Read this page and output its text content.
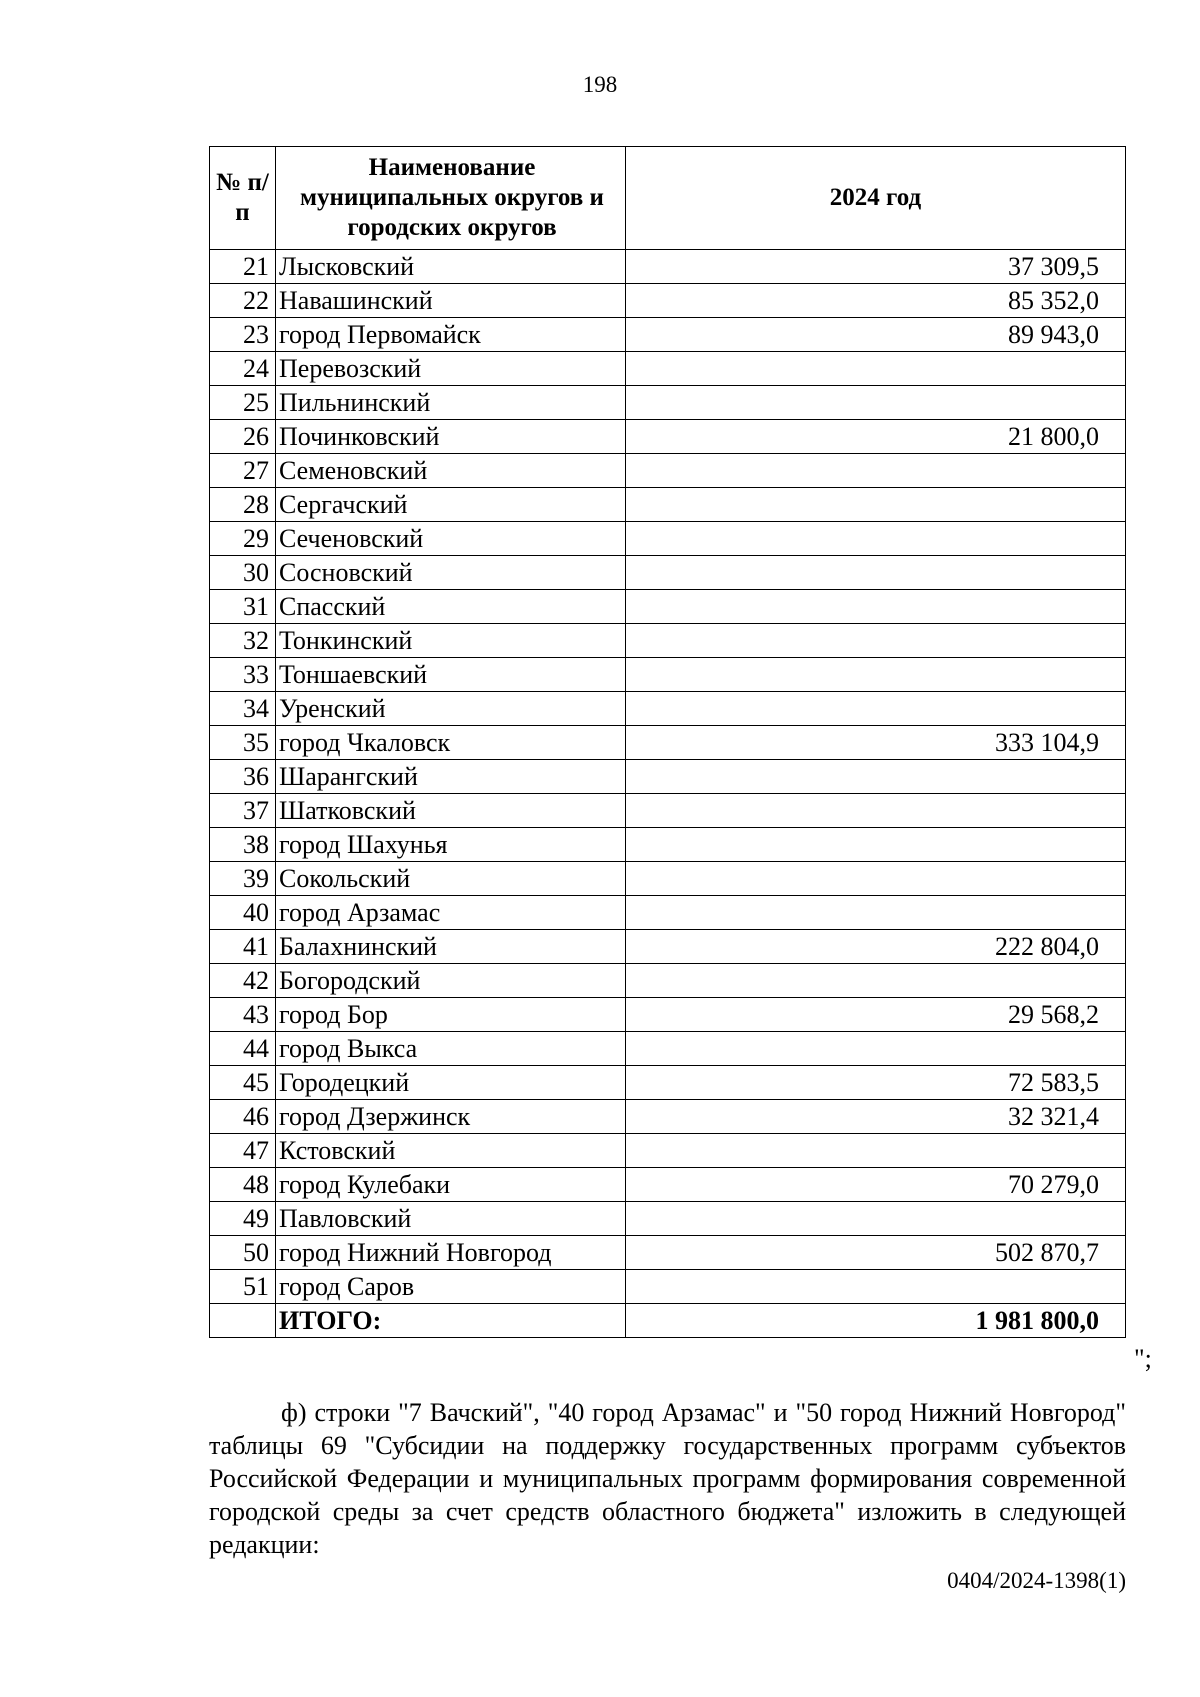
198
№ п/п	Наименование муниципальных округов и городских округов	2024 год
21	Лысковский	37 309,5
22	Навашинский	85 352,0
23	город Первомайск	89 943,0
24	Перевозский	
25	Пильнинский	
26	Починковский	21 800,0
27	Семеновский	
28	Сергачский	
29	Сеченовский	
30	Сосновский	
31	Спасский	
32	Тонкинский	
33	Тоншаевский	
34	Уренский	
35	город Чкаловск	333 104,9
36	Шарангский	
37	Шатковский	
38	город Шахунья	
39	Сокольский	
40	город Арзамас	
41	Балахнинский	222 804,0
42	Богородский	
43	город Бор	29 568,2
44	город Выкса	
45	Городецкий	72 583,5
46	город Дзержинск	32 321,4
47	Кстовский	
48	город Кулебаки	70 279,0
49	Павловский	
50	город Нижний Новгород	502 870,7
51	город Саров	
	ИТОГО:	1 981 800,0
";

ф) строки "7 Вачский", "40 город Арзамас" и "50 город Нижний Новгород" таблицы 69 "Субсидии на поддержку государственных программ субъектов Российской Федерации и муниципальных программ формирования современной городской среды за счет средств областного бюджета" изложить в следующей редакции:

0404/2024-1398(1)
